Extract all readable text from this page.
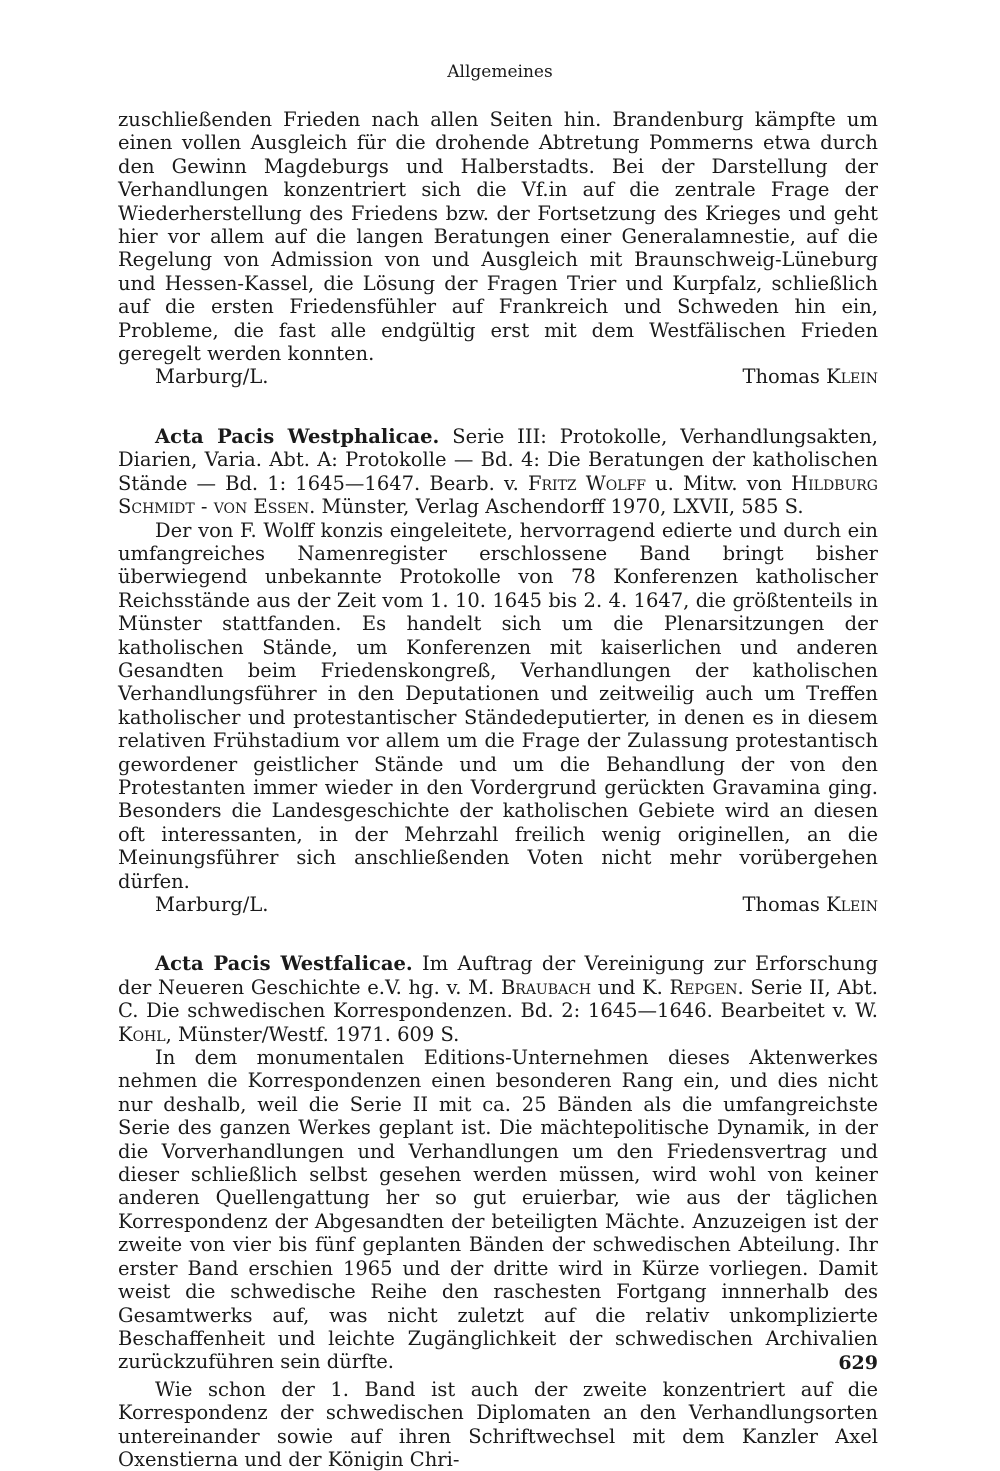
Allgemeines

zuschließenden Frieden nach allen Seiten hin. Brandenburg kämpfte um einen vollen Ausgleich für die drohende Abtretung Pommerns etwa durch den Gewinn Magdeburgs und Halberstadts. Bei der Darstellung der Verhandlungen konzentriert sich die Vf.in auf die zentrale Frage der Wiederherstellung des Friedens bzw. der Fortsetzung des Krieges und geht hier vor allem auf die langen Beratungen einer Generalamnestie, auf die Regelung von Admission von und Ausgleich mit Braunschweig-Lüneburg und Hessen-Kassel, die Lösung der Fragen Trier und Kurpfalz, schließlich auf die ersten Friedensfühler auf Frankreich und Schweden hin ein, Probleme, die fast alle endgültig erst mit dem Westfälischen Frieden geregelt werden konnten.

Marburg/L.	Thomas Klein

Acta Pacis Westphalicae. Serie III: Protokolle, Verhandlungsakten, Diarien, Varia. Abt. A: Protokolle — Bd. 4: Die Beratungen der katholischen Stände — Bd. 1: 1645—1647. Bearb. v. Fritz Wolff u. Mitw. von Hildburg Schmidt - von Essen. Münster, Verlag Aschendorff 1970, LXVII, 585 S.

Der von F. Wolff konzis eingeleitete, hervorragend edierte und durch ein umfangreiches Namenregister erschlossene Band bringt bisher überwiegend unbekannte Protokolle von 78 Konferenzen katholischer Reichsstände aus der Zeit vom 1. 10. 1645 bis 2. 4. 1647, die größtenteils in Münster stattfanden. Es handelt sich um die Plenarsitzungen der katholischen Stände, um Konferenzen mit kaiserlichen und anderen Gesandten beim Friedenskongreß, Verhandlungen der katholischen Verhandlungsführer in den Deputationen und zeitweilig auch um Treffen katholischer und protestantischer Ständedeputierter, in denen es in diesem relativen Frühstadium vor allem um die Frage der Zulassung protestantisch gewordener geistlicher Stände und um die Behandlung der von den Protestanten immer wieder in den Vordergrund gerückten Gravamina ging. Besonders die Landesgeschichte der katholischen Gebiete wird an diesen oft interessanten, in der Mehrzahl freilich wenig originellen, an die Meinungsführer sich anschließenden Voten nicht mehr vorübergehen dürfen.

Marburg/L.	Thomas Klein

Acta Pacis Westfalicae. Im Auftrag der Vereinigung zur Erforschung der Neueren Geschichte e.V. hg. v. M. Braubach und K. Repgen. Serie II, Abt. C. Die schwedischen Korrespondenzen. Bd. 2: 1645—1646. Bearbeitet v. W. Kohl, Münster/Westf. 1971. 609 S.

In dem monumentalen Editions-Unternehmen dieses Aktenwerkes nehmen die Korrespondenzen einen besonderen Rang ein, und dies nicht nur deshalb, weil die Serie II mit ca. 25 Bänden als die umfangreichste Serie des ganzen Werkes geplant ist. Die mächtepolitische Dynamik, in der die Vorverhandlungen und Verhandlungen um den Friedensvertrag und dieser schließlich selbst gesehen werden müssen, wird wohl von keiner anderen Quellengattung her so gut eruierbar, wie aus der täglichen Korrespondenz der Abgesandten der beteiligten Mächte. Anzuzeigen ist der zweite von vier bis fünf geplanten Bänden der schwedischen Abteilung. Ihr erster Band erschien 1965 und der dritte wird in Kürze vorliegen. Damit weist die schwedische Reihe den raschesten Fortgang innnerhalb des Gesamtwerks auf, was nicht zuletzt auf die relativ unkomplizierte Beschaffenheit und leichte Zugänglichkeit der schwedischen Archivalien zurückzuführen sein dürfte.

Wie schon der 1. Band ist auch der zweite konzentriert auf die Korrespondenz der schwedischen Diplomaten an den Verhandlungsorten untereinander sowie auf ihren Schriftwechsel mit dem Kanzler Axel Oxenstierna und der Königin Chri-

629
